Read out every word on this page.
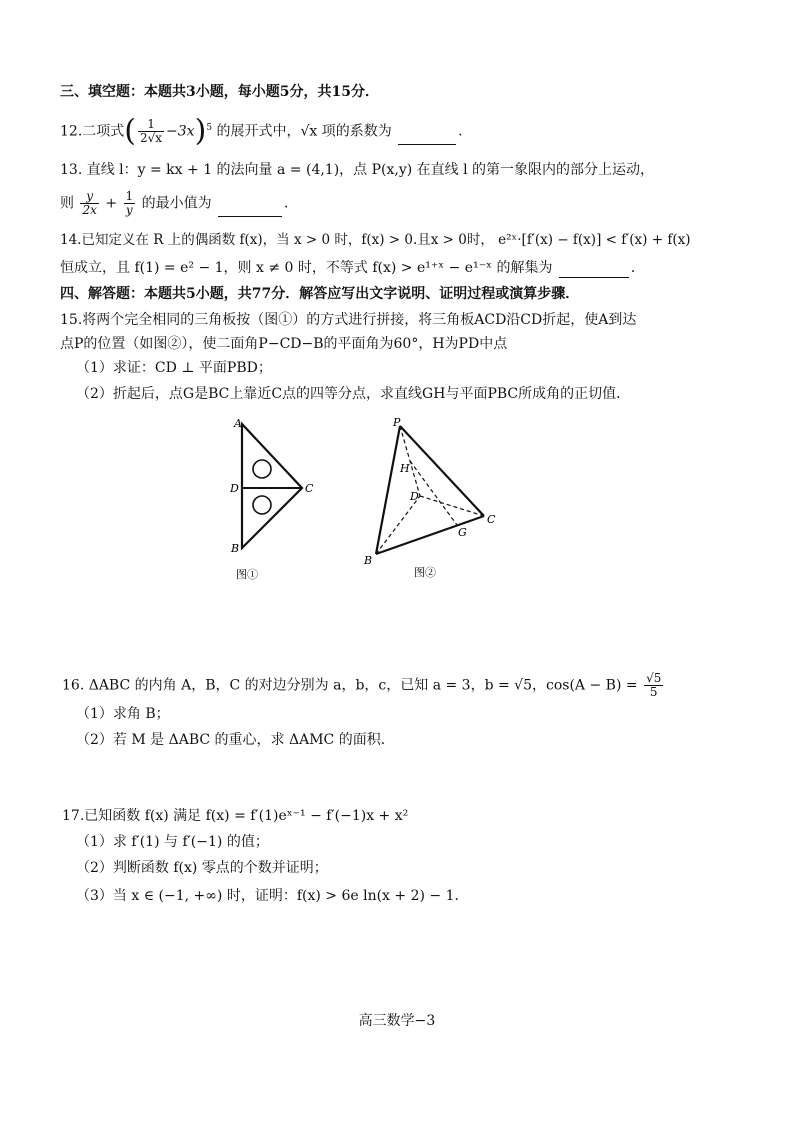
三、填空题：本题共3小题，每小题5分，共15分．
12.二项式( $\frac{1}{2√x} -3x)^5$ 的展开式中，√x 项的系数为	．
13. 直线 l：y = kx + 1 的法向量 a = (4,1)，点 P(x,y) 在直线 l 的第一象限内的部分上运动，
则 $\frac{y}{2x} + \frac{1}{y}$ 的最小值为	．
14.已知定义在 R 上的偶函数 f(x)，当 x > 0 时，f(x) > 0.且x > 0时， e²ˣ·[f′(x) − f(x)] < f′(x) + f(x)
恒成立，且 f(1) = e² − 1，则 x ≠ 0 时，不等式 f(x) > e¹⁺ˣ − e¹⁻ˣ 的解集为	．
四、解答题：本题共5小题，共77分．解答应写出文字说明、证明过程或演算步骤．
15.将两个完全相同的三角板按（图①）的方式进行拼接，将三角板ACD沿CD折起，使A到达
点P的位置（如图②），使二面角P−CD−B的平面角为60°，H为PD中点
（1）求证：CD ⊥ 平面PBD；
（2）折起后，点G是BC上靠近C点的四等分点，求直线GH与平面PBC所成角的正切值．
A
D	C
B
图①
P
H
D
C
G
B
图②
16. ΔABC 的内角 A，B，C 的对边分别为 a，b，c，已知 a = 3，b = √5，$\cos(A - B) = \frac{√5}{5}$
（1）求角 B；
（2）若 M 是 ΔABC 的重心，求 ΔAMC 的面积．
17.已知函数 f(x) 满足 f(x) = f′(1)eˣ⁻¹ − f′(−1)x + x²
（1）求 f′(1) 与 f′(−1) 的值；
（2）判断函数 f(x) 零点的个数并证明；
（3）当 x ∈ (−1, +∞) 时，证明：f(x) > 6e ln(x + 2) − 1．
高三数学−3
